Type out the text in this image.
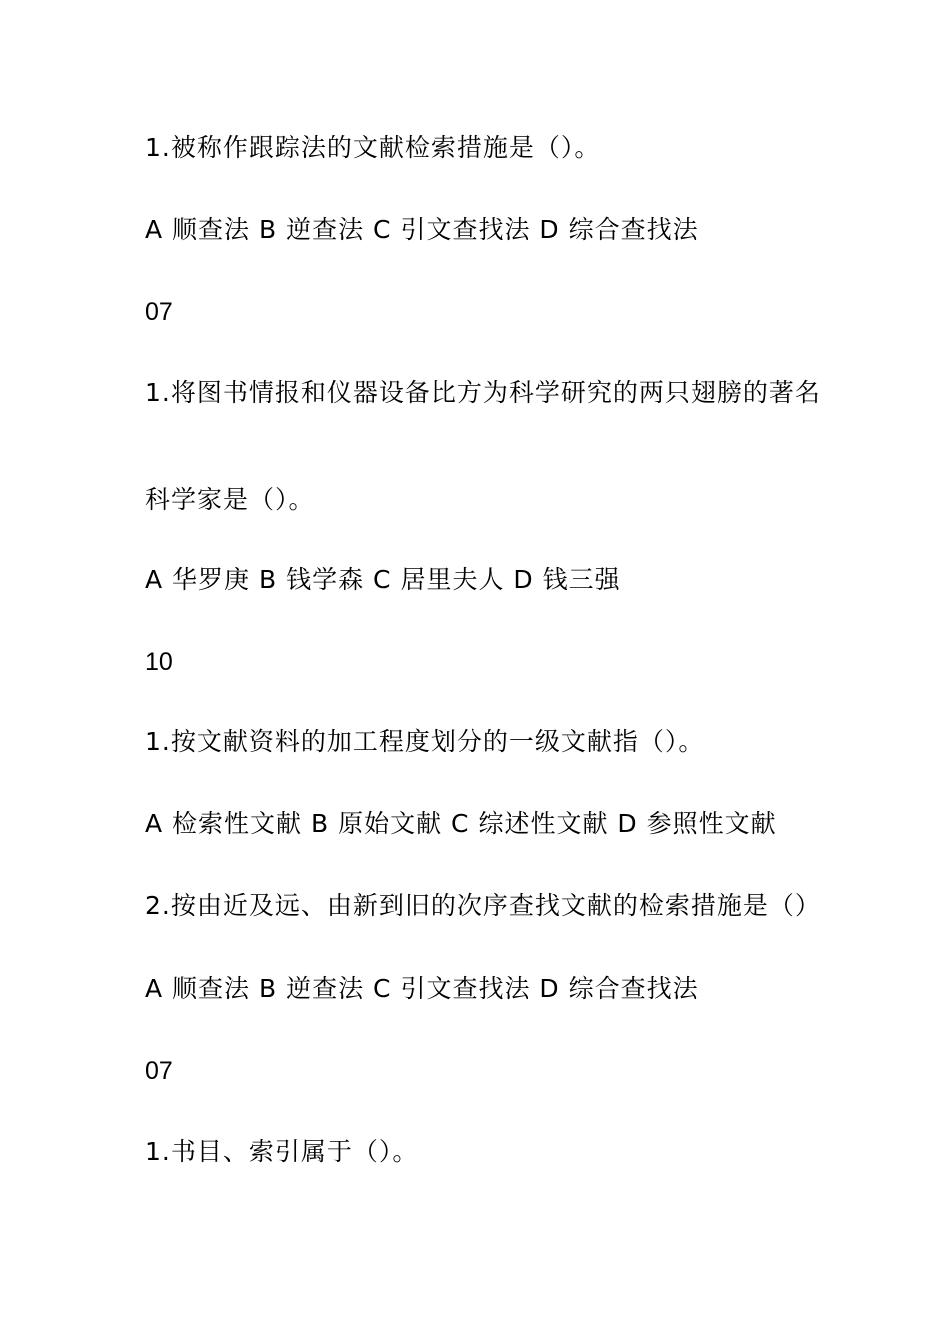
1.被称作跟踪法的文献检索措施是（）。
A 顺查法 B 逆查法 C 引文查找法 D 综合查找法
07
1.将图书情报和仪器设备比方为科学研究的两只翅膀的著名
科学家是（）。
A 华罗庚 B 钱学森 C 居里夫人 D 钱三强
10
1.按文献资料的加工程度划分的一级文献指（）。
A 检索性文献 B 原始文献 C 综述性文献 D 参照性文献
2.按由近及远、由新到旧的次序查找文献的检索措施是（）
A 顺查法 B 逆查法 C 引文查找法 D 综合查找法
07
1.书目、索引属于（）。
